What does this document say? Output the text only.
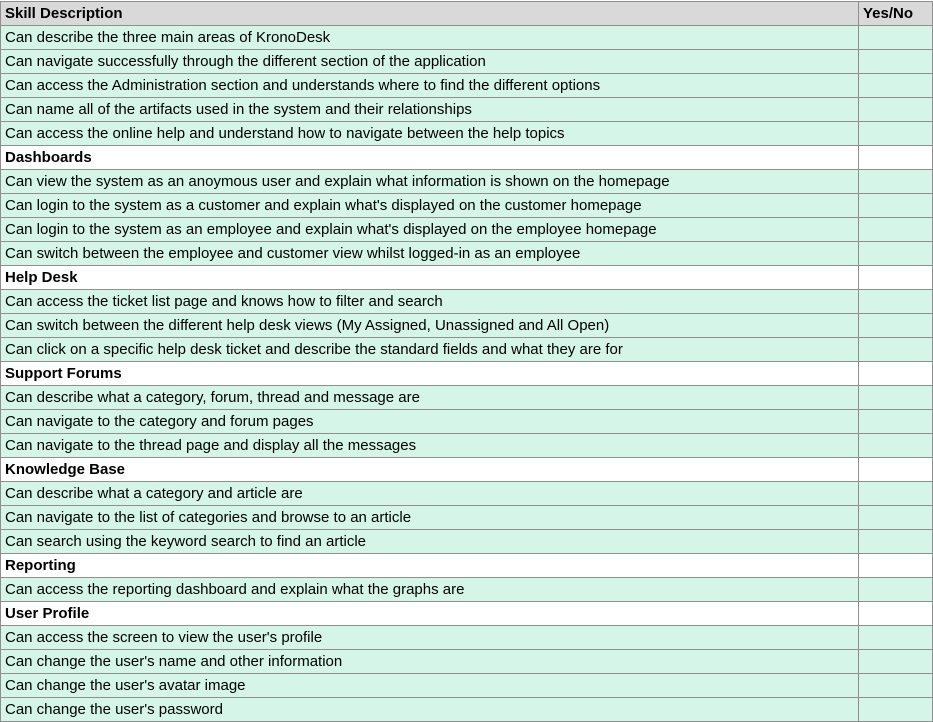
Skill Description	Yes/No
Can describe the three main areas of KronoDesk	
Can navigate successfully through the different section of the application	
Can access the Administration section and understands where to find the different options	
Can name all of the artifacts used in the system and their relationships	
Can access the online help and understand how to navigate between the help topics	
Dashboards	
Can view the system as an anoymous user and explain what information is shown on the homepage	
Can login to the system as a customer and explain what's displayed on the customer homepage	
Can login to the system as an employee and explain what's displayed on the employee homepage	
Can switch between the employee and customer view whilst logged-in as an employee	
Help Desk	
Can access the ticket list page and knows how to filter and search	
Can switch between the different help desk views (My Assigned, Unassigned and All Open)	
Can click on a specific help desk ticket and describe the standard fields and what they are for	
Support Forums	
Can describe what a category, forum, thread and message are	
Can navigate to the category and forum pages	
Can navigate to the thread page and display all the messages	
Knowledge Base	
Can describe what a category and article are	
Can navigate to the list of categories and browse to an article	
Can search using the keyword search to find an article	
Reporting	
Can access the reporting dashboard and explain what the graphs are	
User Profile	
Can access the screen to view the user's profile	
Can change the user's name and other information	
Can change the user's avatar image	
Can change the user's password	
